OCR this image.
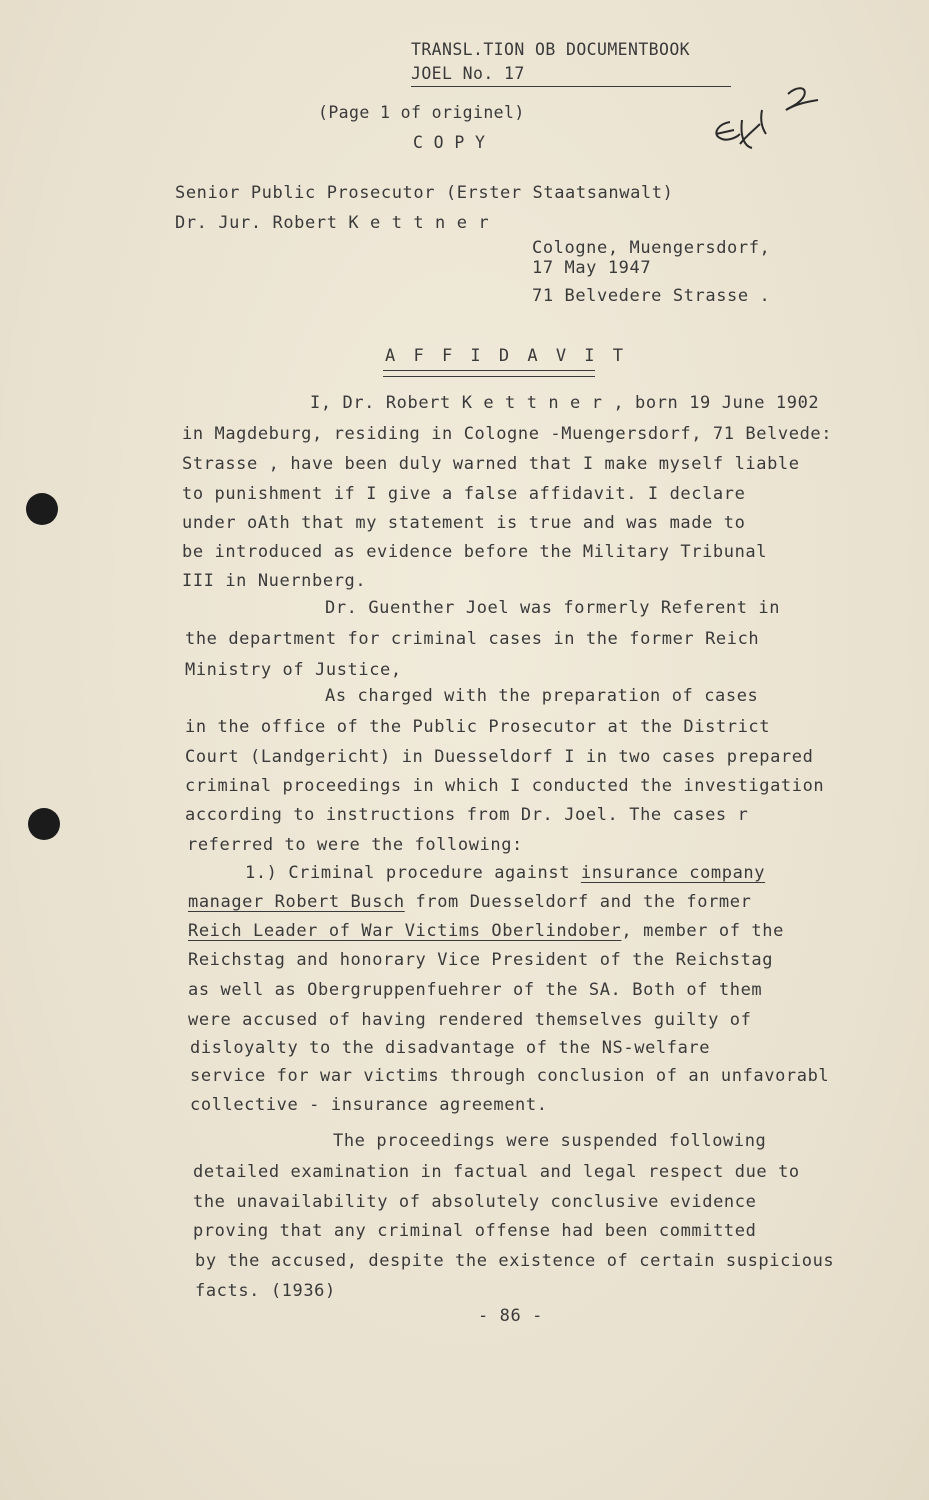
TRANSL.TION OB DOCUMENTBOOK
JOEL No. 17
(Page 1 of originel)
C O P Y
Senior Public Prosecutor (Erster Staatsanwalt)
Dr. Jur. Robert K e t t n e r
Cologne, Muengersdorf,
17 May 1947
71 Belvedere Strasse .
A F F I D A V I T
I, Dr. Robert K e t t n e r , born 19 June 1902
in Magdeburg, residing in Cologne -Muengersdorf, 71 Belvede:
Strasse , have been duly warned that I make myself liable
to punishment if I give a false affidavit. I declare
under oAth that my statement is true and was made to
be introduced as evidence before the Military Tribunal
III in Nuernberg.
Dr. Guenther Joel was formerly Referent in
the department for criminal cases in the former Reich
Ministry of Justice,
As charged with the preparation of cases
in the office of the Public Prosecutor at the District
Court (Landgericht) in Duesseldorf I in two cases prepared
criminal proceedings in which I conducted the investigation
according to instructions from Dr. Joel. The cases r
referred to were the following:
1.) Criminal procedure against insurance company
manager Robert Busch from Duesseldorf and the former
Reich Leader of War Victims Oberlindober, member of the
Reichstag and honorary Vice President of the Reichstag
as well as Obergruppenfuehrer of the SA. Both of them
were accused of having rendered themselves guilty of
disloyalty to the disadvantage of the NS-welfare
service for war victims through conclusion of an unfavorabl
collective - insurance agreement.
The proceedings were suspended following
detailed examination in factual and legal respect due to
the unavailability of absolutely conclusive evidence
proving that any criminal offense had been committed
by the accused, despite the existence of certain suspicious
facts. (1936)
- 86 -
